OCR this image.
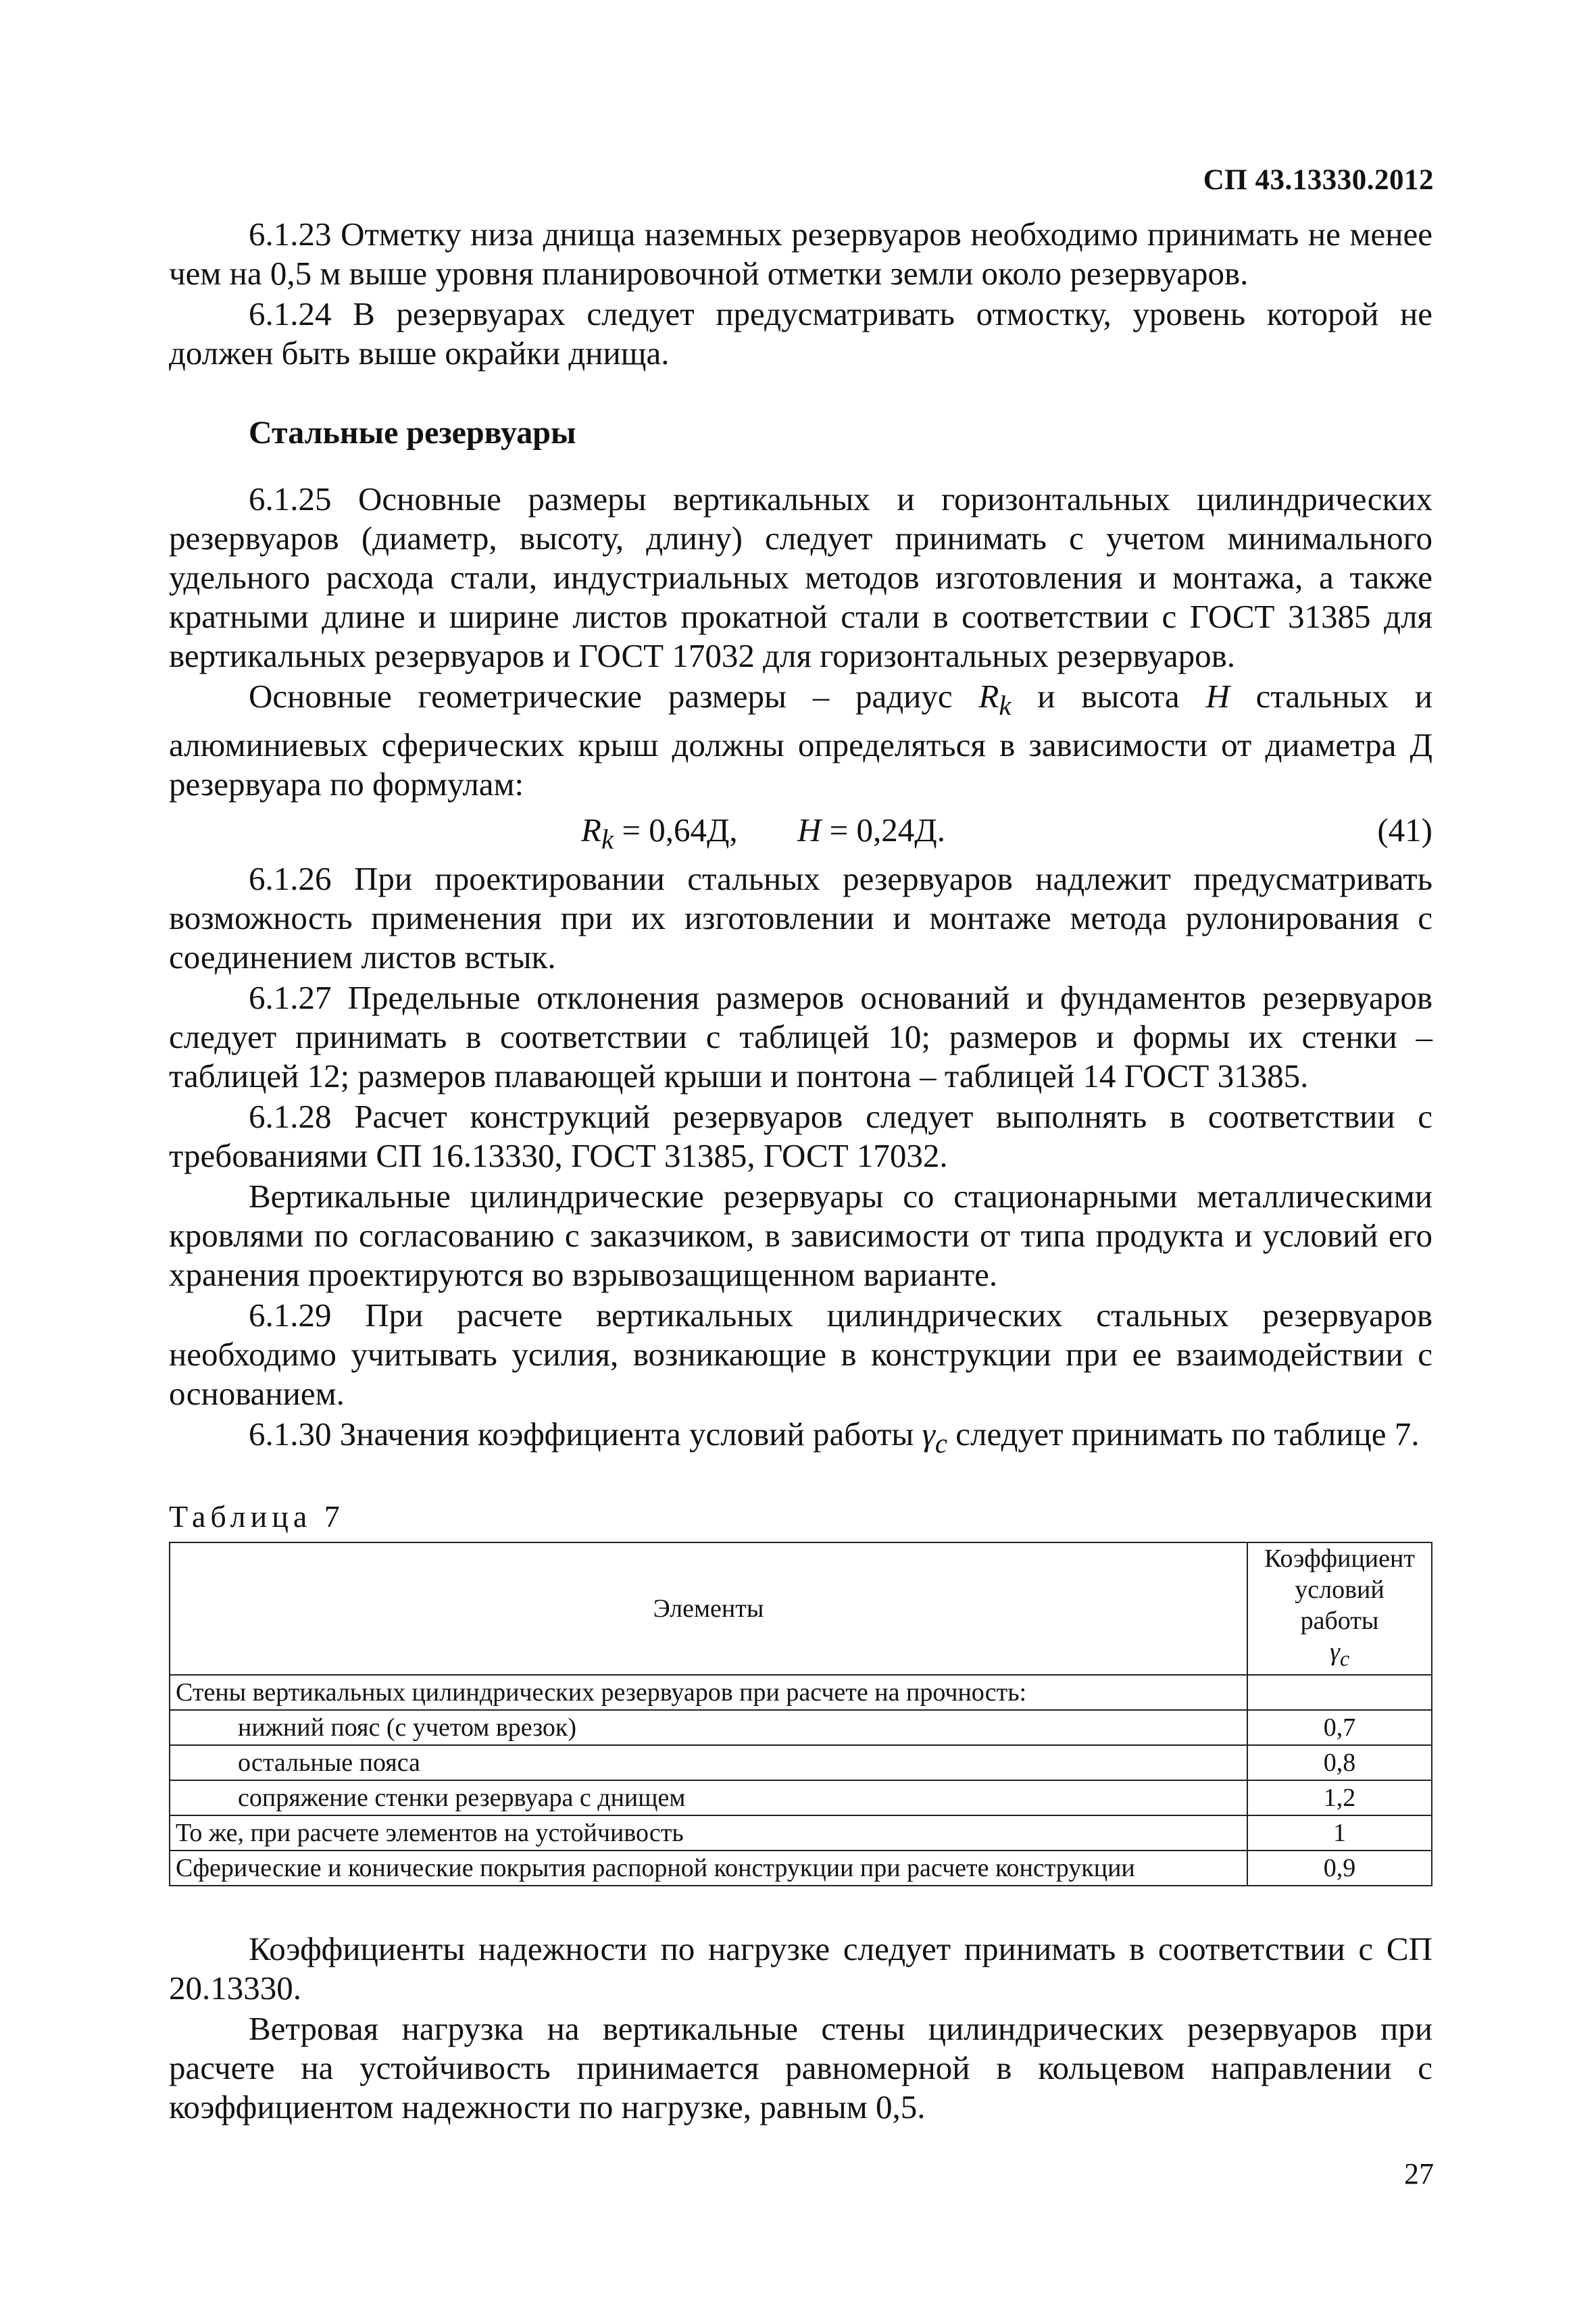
СП 43.13330.2012

6.1.23 Отметку низа днища наземных резервуаров необходимо принимать не менее чем на 0,5 м выше уровня планировочной отметки земли около резервуаров.

6.1.24 В резервуарах следует предусматривать отмостку, уровень которой не должен быть выше окрайки днища.

Стальные резервуары

6.1.25 Основные размеры вертикальных и горизонтальных цилиндрических резервуаров (диаметр, высоту, длину) следует принимать с учетом минимального удельного расхода стали, индустриальных методов изготовления и монтажа, а также кратными длине и ширине листов прокатной стали в соответствии с ГОСТ 31385 для вертикальных резервуаров и ГОСТ 17032 для горизонтальных резервуаров.

Основные геометрические размеры – радиус $R_k$ и высота H стальных и алюминиевых сферических крыш должны определяться в зависимости от диаметра Д резервуара по формулам:

$R_k = 0,64Д$, H = 0,24Д.	(41)

6.1.26 При проектировании стальных резервуаров надлежит предусматривать возможность применения при их изготовлении и монтаже метода рулонирования с соединением листов встык.

6.1.27 Предельные отклонения размеров оснований и фундаментов резервуаров следует принимать в соответствии с таблицей 10; размеров и формы их стенки – таблицей 12; размеров плавающей крыши и понтона – таблицей 14 ГОСТ 31385.

6.1.28 Расчет конструкций резервуаров следует выполнять в соответствии с требованиями СП 16.13330, ГОСТ 31385, ГОСТ 17032.

Вертикальные цилиндрические резервуары со стационарными металлическими кровлями по согласованию с заказчиком, в зависимости от типа продукта и условий его хранения проектируются во взрывозащищенном варианте.

6.1.29 При расчете вертикальных цилиндрических стальных резервуаров необходимо учитывать усилия, возникающие в конструкции при ее взаимодействии с основанием.

6.1.30 Значения коэффициента условий работы $\gamma_c$ следует принимать по таблице 7.

Таблица 7
Элементы	Коэффициент
условий работы
$\gamma_c$

Стены вертикальных цилиндрических резервуаров при расчете на прочность:	
нижний пояс (с учетом врезок)	0,7
остальные пояса	0,8
сопряжение стенки резервуара с днищем	1,2
То же, при расчете элементов на устойчивость	1
Сферические и конические покрытия распорной конструкции при расчете конструкции	0,9

Коэффициенты надежности по нагрузке следует принимать в соответствии с СП 20.13330.

Ветровая нагрузка на вертикальные стены цилиндрических резервуаров при расчете на устойчивость принимается равномерной в кольцевом направлении с коэффициентом надежности по нагрузке, равным 0,5.

27
